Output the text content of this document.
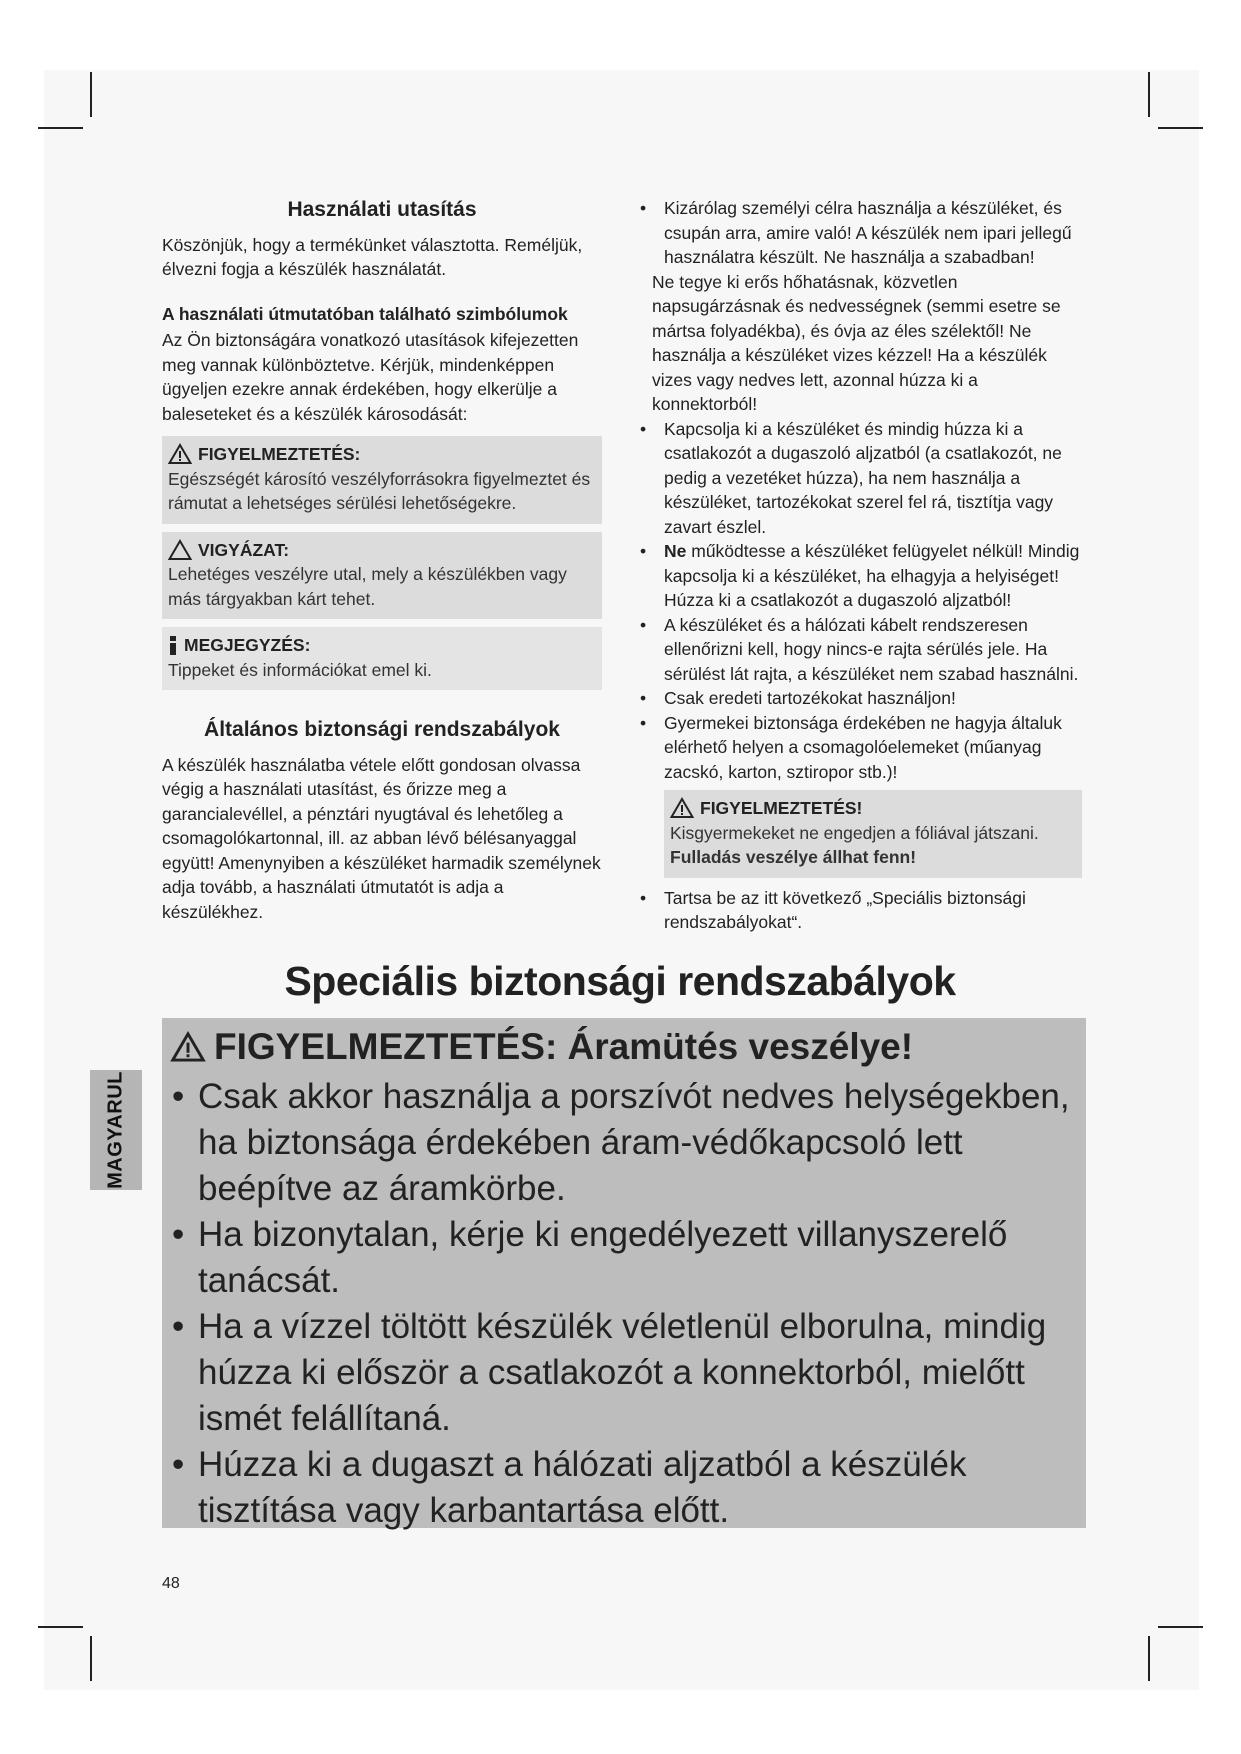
Használati utasítás

Köszönjük, hogy a termékünket választotta. Reméljük, élvezni fogja a készülék használatát.

A használati útmutatóban található szimbólumok

Az Ön biztonságára vonatkozó utasítások kifejezetten meg vannak különböztetve. Kérjük, mindenképpen ügyeljen ezekre annak érdekében, hogy elkerülje a baleseteket és a készülék károsodását:

FIGYELMEZTETÉS:
Egészségét károsító veszélyforrásokra figyelmeztet és rámutat a lehetséges sérülési lehetőségekre.
VIGYÁZAT:
Lehetéges veszélyre utal, mely a készülékben vagy más tárgyakban kárt tehet.
MEGJEGYZÉS:
Tippeket és információkat emel ki.
Általános biztonsági rendszabályok

A készülék használatba vétele előtt gondosan olvassa végig a használati utasítást, és őrizze meg a garancialevéllel, a pénztári nyugtával és lehetőleg a csomagolókartonnal, ill. az abban lévő bélésanyaggal együtt! Amenynyiben a készüléket harmadik személynek adja tovább, a használati útmutatót is adja a készülékhez.

• Kizárólag személyi célra használja a készüléket, és csupán arra, amire való! A készülék nem ipari jellegű használatra készült. Ne használja a szabadban!
Ne tegye ki erős hőhatásnak, közvetlen napsugárzásnak és nedvességnek (semmi esetre se mártsa folyadékba), és óvja az éles szélektől! Ne használja a készüléket vizes kézzel! Ha a készülék vizes vagy nedves lett, azonnal húzza ki a konnektorból!
• Kapcsolja ki a készüléket és mindig húzza ki a csatlakozót a dugaszoló aljzatból (a csatlakozót, ne pedig a vezetéket húzza), ha nem használja a készüléket, tartozékokat szerel fel rá, tisztítja vagy zavart észlel.
• Ne működtesse a készüléket felügyelet nélkül! Mindig kapcsolja ki a készüléket, ha elhagyja a helyiséget! Húzza ki a csatlakozót a dugaszoló aljzatból!
• A készüléket és a hálózati kábelt rendszeresen ellenőrizni kell, hogy nincs-e rajta sérülés jele. Ha sérülést lát rajta, a készüléket nem szabad használni.
• Csak eredeti tartozékokat használjon!
• Gyermekei biztonsága érdekében ne hagyja általuk elérhető helyen a csomagolóelemeket (műanyag zacskó, karton, sztiropor stb.)!
FIGYELMEZTETÉS!
Kisgyermekeket ne engedjen a fóliával játszani.
Fulladás veszélye állhat fenn!
• Tartsa be az itt következő „Speciális biztonsági rendszabályokat“.
Speciális biztonsági rendszabályok
FIGYELMEZTETÉS: Áramütés veszélye!
• Csak akkor használja a porszívót nedves helységekben, ha biztonsága érdekében áram-védőkapcsoló lett beépítve az áramkörbe.
• Ha bizonytalan, kérje ki engedélyezett villanyszerelő tanácsát.
• Ha a vízzel töltött készülék véletlenül elborulna, mindig húzza ki először a csatlakozót a konnektorból, mielőtt ismét felállítaná.
• Húzza ki a dugaszt a hálózati aljzatból a készülék tisztítása vagy karbantartása előtt.
MAGYARUL
48
